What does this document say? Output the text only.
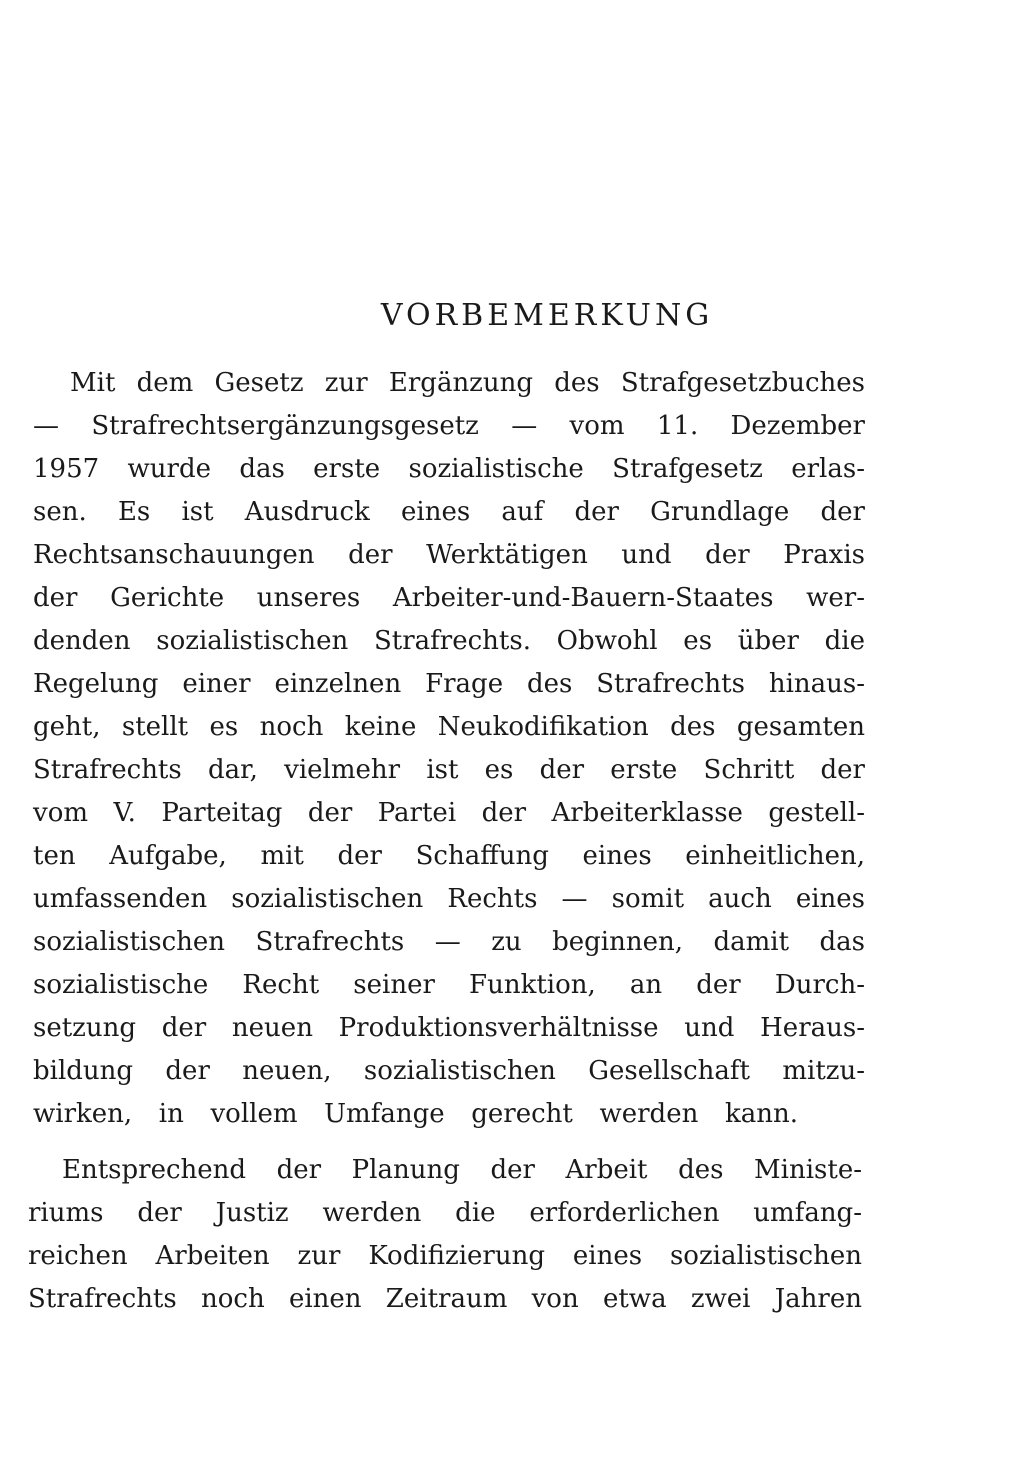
VORBEMERKUNG
Mit dem Gesetz zur Ergänzung des Strafgesetzbuches
— Strafrechtsergänzungsgesetz — vom 11. Dezember
1957 wurde das erste sozialistische Strafgesetz erlas-
sen. Es ist Ausdruck eines auf der Grundlage der
Rechtsanschauungen der Werktätigen und der Praxis
der Gerichte unseres Arbeiter-und-Bauern-Staates wer-
denden sozialistischen Strafrechts. Obwohl es über die
Regelung einer einzelnen Frage des Strafrechts hinaus-
geht, stellt es noch keine Neukodifikation des gesamten
Strafrechts dar, vielmehr ist es der erste Schritt der
vom V. Parteitag der Partei der Arbeiterklasse gestell-
ten Aufgabe, mit der Schaffung eines einheitlichen,
umfassenden sozialistischen Rechts — somit auch eines
sozialistischen Strafrechts — zu beginnen, damit das
sozialistische Recht seiner Funktion, an der Durch-
setzung der neuen Produktionsverhältnisse und Heraus-
bildung der neuen, sozialistischen Gesellschaft mitzu-
wirken, in vollem Umfange gerecht werden kann.
Entsprechend der Planung der Arbeit des Ministe-
riums der Justiz werden die erforderlichen umfang-
reichen Arbeiten zur Kodifizierung eines sozialistischen
Strafrechts noch einen Zeitraum von etwa zwei Jahren
